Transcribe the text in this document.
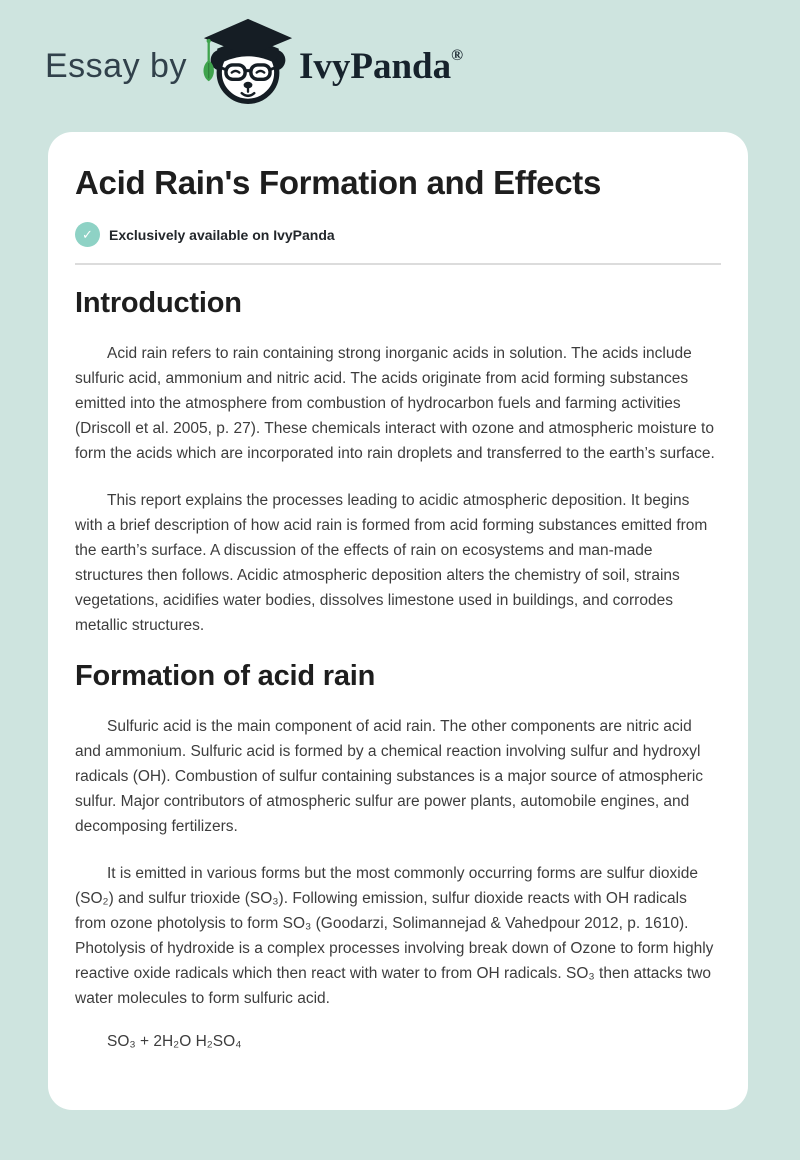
Essay by	IvyPanda®
Acid Rain's Formation and Effects
✓	Exclusively available on IvyPanda
Introduction

Acid rain refers to rain containing strong inorganic acids in solution. The acids include sulfuric acid, ammonium and nitric acid. The acids originate from acid forming substances emitted into the atmosphere from combustion of hydrocarbon fuels and farming activities (Driscoll et al. 2005, p. 27). These chemicals interact with ozone and atmospheric moisture to form the acids which are incorporated into rain droplets and transferred to the earth’s surface.

This report explains the processes leading to acidic atmospheric deposition. It begins with a brief description of how acid rain is formed from acid forming substances emitted from the earth’s surface. A discussion of the effects of rain on ecosystems and man-made structures then follows. Acidic atmospheric deposition alters the chemistry of soil, strains vegetations, acidifies water bodies, dissolves limestone used in buildings, and corrodes metallic structures.

Formation of acid rain

Sulfuric acid is the main component of acid rain. The other components are nitric acid and ammonium. Sulfuric acid is formed by a chemical reaction involving sulfur and hydroxyl radicals (OH). Combustion of sulfur containing substances is a major source of atmospheric sulfur. Major contributors of atmospheric sulfur are power plants, automobile engines, and decomposing fertilizers.

It is emitted in various forms but the most commonly occurring forms are sulfur dioxide (SO₂) and sulfur trioxide (SO₃). Following emission, sulfur dioxide reacts with OH radicals from ozone photolysis to form SO₃ (Goodarzi, Solimannejad & Vahedpour 2012, p. 1610). Photolysis of hydroxide is a complex processes involving break down of Ozone to form highly reactive oxide radicals which then react with water to from OH radicals. SO₃ then attacks two water molecules to form sulfuric acid.

SO₃ + 2H₂O H₂SO₄
